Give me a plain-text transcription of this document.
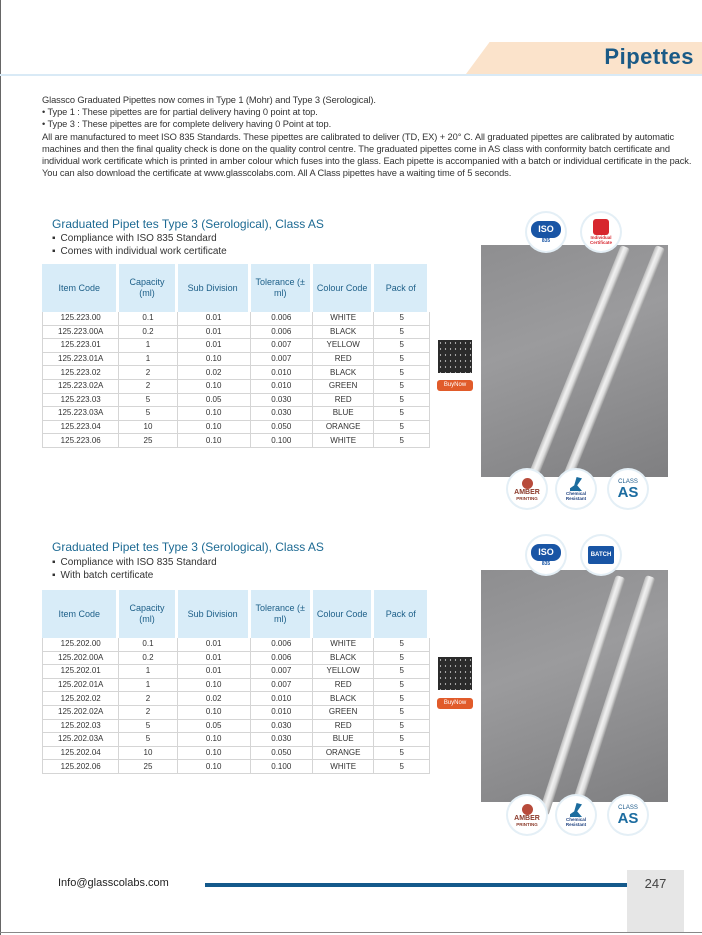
Pipettes

Glassco Graduated Pipettes now comes in Type 1 (Mohr) and Type 3 (Serological).

• Type 1 : These pipettes are for partial delivery having 0 point at top.

• Type 3 : These pipettes are for complete delivery having 0 Point at top.

All are manufactured to meet ISO 835 Standards. These pipettes are calibrated to deliver (TD, EX) + 20° C. All graduated pipettes are calibrated by automatic machines and then the final quality check is done on the quality control centre. The graduated pipettes come in AS class with conformity batch certificate and individual work certificate which is printed in amber colour which fuses into the glass. Each pipette is accompanied with a batch or individual certificate in the pack. You can also download the certificate at www.glasscolabs.com. All A Class pipettes have a waiting time of 5 seconds.

Graduated Pipet tes Type 3 (Serological), Class AS
▪ Compliance with ISO 835 Standard
▪ Comes with individual work certificate
Item Code	Capacity (ml)	Sub Division	Tolerance (± ml)	Colour Code	Pack of
125.223.00	0.1	0.01	0.006	WHITE	5
125.223.00A	0.2	0.01	0.006	BLACK	5
125.223.01	1	0.01	0.007	YELLOW	5
125.223.01A	1	0.10	0.007	RED	5
125.223.02	2	0.02	0.010	BLACK	5
125.223.02A	2	0.10	0.010	GREEN	5
125.223.03	5	0.05	0.030	RED	5
125.223.03A	5	0.10	0.030	BLUE	5
125.223.04	10	0.10	0.050	ORANGE	5
125.223.06	25	0.10	0.100	WHITE	5
BuyNow
ISO
835	Individual Certificate
AMBER
PRINTING
Chemical Resistant
CLASS
AS
Graduated Pipet tes Type 3 (Serological), Class AS
▪ Compliance with ISO 835 Standard
▪ With batch certificate
Item Code	Capacity (ml)	Sub Division	Tolerance (± ml)	Colour Code	Pack of
125.202.00	0.1	0.01	0.006	WHITE	5
125.202.00A	0.2	0.01	0.006	BLACK	5
125.202.01	1	0.01	0.007	YELLOW	5
125.202.01A	1	0.10	0.007	RED	5
125.202.02	2	0.02	0.010	BLACK	5
125.202.02A	2	0.10	0.010	GREEN	5
125.202.03	5	0.05	0.030	RED	5
125.202.03A	5	0.10	0.030	BLUE	5
125.202.04	10	0.10	0.050	ORANGE	5
125.202.06	25	0.10	0.100	WHITE	5
BuyNow
ISO
835
BATCH
AMBER
PRINTING
Chemical Resistant
CLASS
AS
Info@glasscolabs.com	247
